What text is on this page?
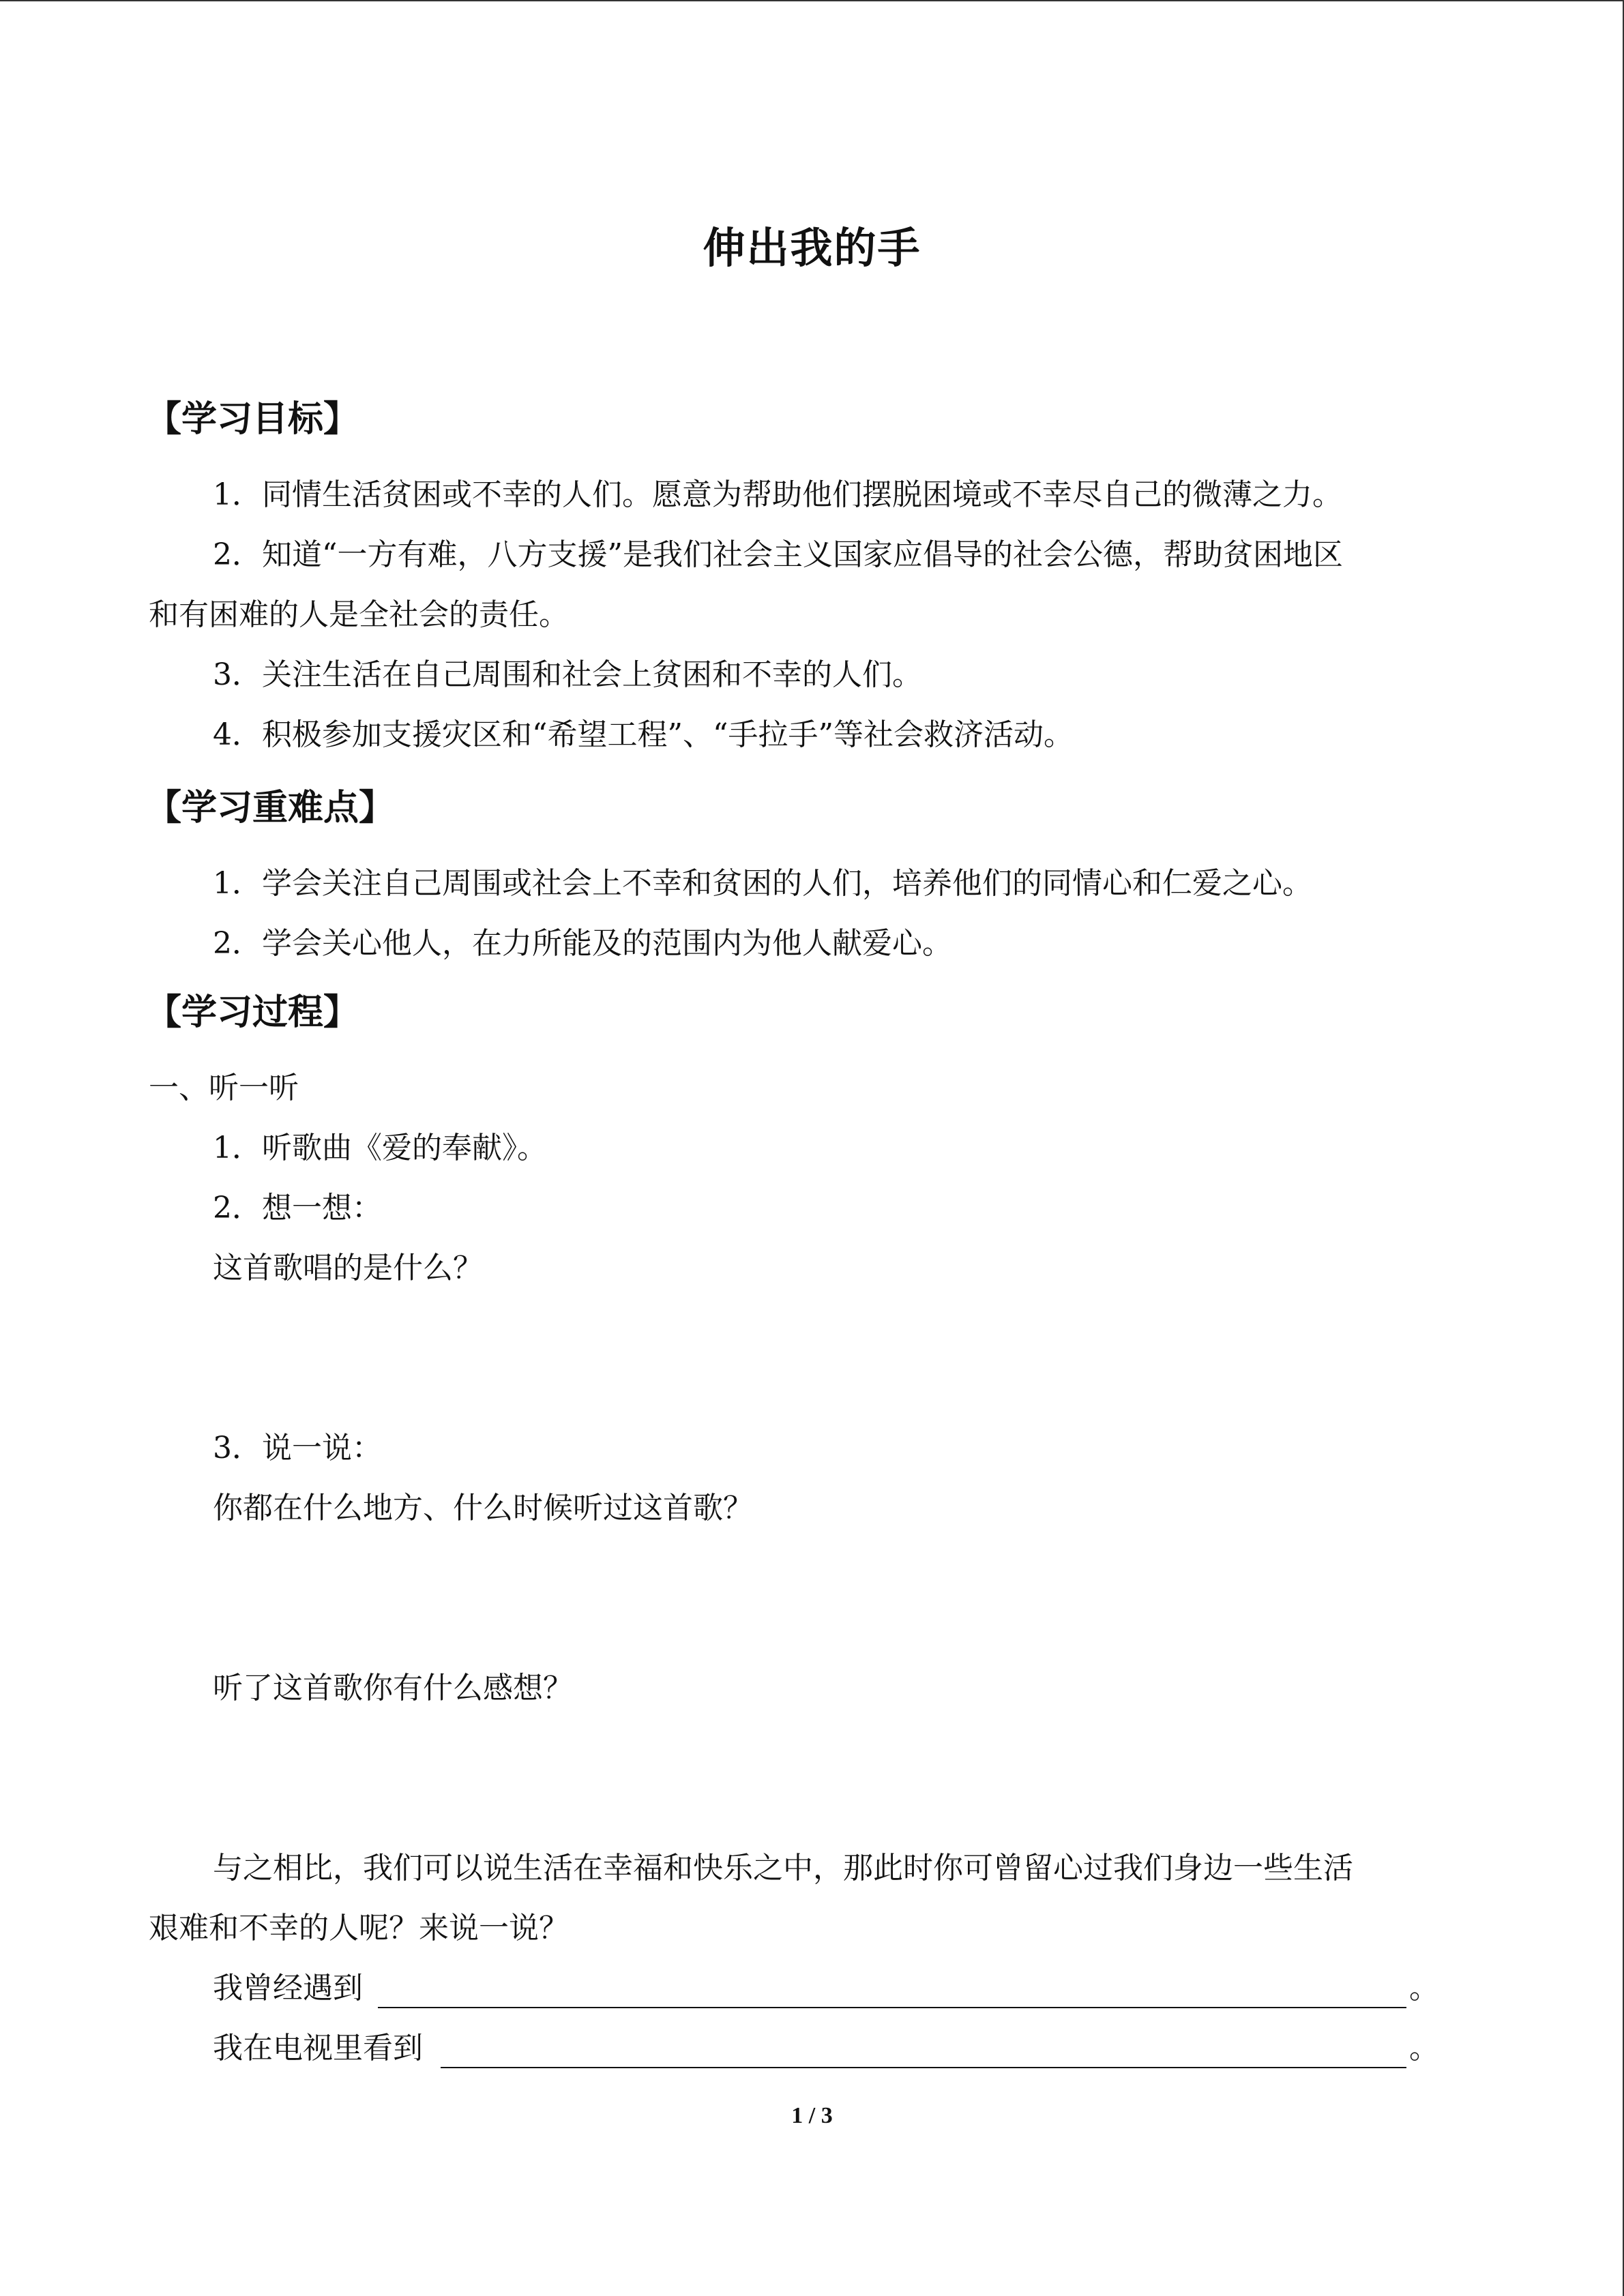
伸出我的手
【学习目标】
1．同情生活贫困或不幸的人们。愿意为帮助他们摆脱困境或不幸尽自己的微薄之力。
2．知道“一方有难，八方支援”是我们社会主义国家应倡导的社会公德，帮助贫困地区
和有困难的人是全社会的责任。
3．关注生活在自己周围和社会上贫困和不幸的人们。
4．积极参加支援灾区和“希望工程”、“手拉手”等社会救济活动。
【学习重难点】
1．学会关注自己周围或社会上不幸和贫困的人们，培养他们的同情心和仁爱之心。
2．学会关心他人，在力所能及的范围内为他人献爱心。
【学习过程】
一、听一听
1．听歌曲《爱的奉献》。
2．想一想：
这首歌唱的是什么？
3．说一说：
你都在什么地方、什么时候听过这首歌？
听了这首歌你有什么感想？
与之相比，我们可以说生活在幸福和快乐之中，那此时你可曾留心过我们身边一些生活
艰难和不幸的人呢？来说一说？
我曾经遇到	。
我在电视里看到	。
1 / 3
